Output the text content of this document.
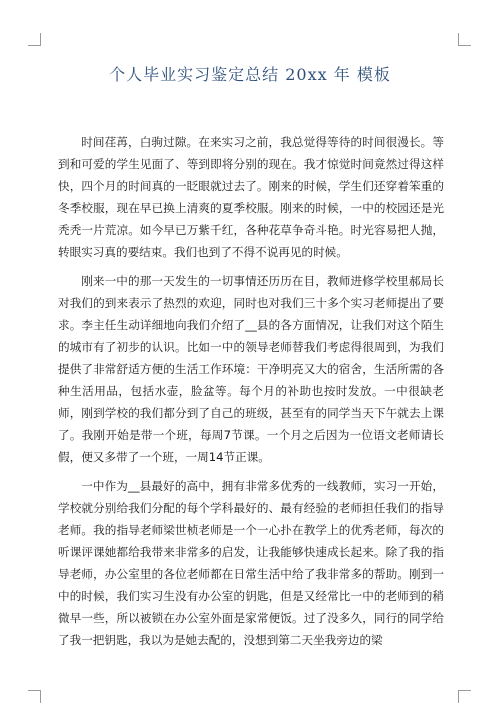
个人毕业实习鉴定总结 20xx 年 模板

时间荏苒，白驹过隙。在来实习之前，我总觉得等待的时间很漫长。等到和可爱的学生见面了、等到即将分别的现在。我才惊觉时间竟然过得这样快，四个月的时间真的一眨眼就过去了。刚来的时候，学生们还穿着笨重的冬季校服，现在早已换上清爽的夏季校服。刚来的时候，一中的校园还是光秃秃一片荒凉。如今早已万紫千红，各种花草争奇斗艳。时光容易把人抛，转眼实习真的要结束。我们也到了不得不说再见的时候。

刚来一中的那一天发生的一切事情还历历在目，教师进修学校里郝局长对我们的到来表示了热烈的欢迎，同时也对我们三十多个实习老师提出了要求。李主任生动详细地向我们介绍了__县的各方面情况，让我们对这个陌生的城市有了初步的认识。比如一中的领导老师替我们考虑得很周到，为我们提供了非常舒适方便的生活工作环境：干净明亮又大的宿舍，生活所需的各种生活用品，包括水壶，脸盆等。每个月的补助也按时发放。一中很缺老师，刚到学校的我们都分到了自己的班级，甚至有的同学当天下午就去上课了。我刚开始是带一个班，每周7节课。一个月之后因为一位语文老师请长假，便又多带了一个班，一周14节正课。

一中作为__县最好的高中，拥有非常多优秀的一线教师，实习一开始，学校就分别给我们分配的每个学科最好的、最有经验的老师担任我们的指导老师。我的指导老师梁世桢老师是一个一心扑在教学上的优秀老师，每次的听课评课她都给我带来非常多的启发，让我能够快速成长起来。除了我的指导老师，办公室里的各位老师都在日常生活中给了我非常多的帮助。刚到一中的时候，我们实习生没有办公室的钥匙，但是又经常比一中的老师到的稍微早一些，所以被锁在办公室外面是家常便饭。过了没多久，同行的同学给了我一把钥匙，我以为是她去配的，没想到第二天坐我旁边的梁
